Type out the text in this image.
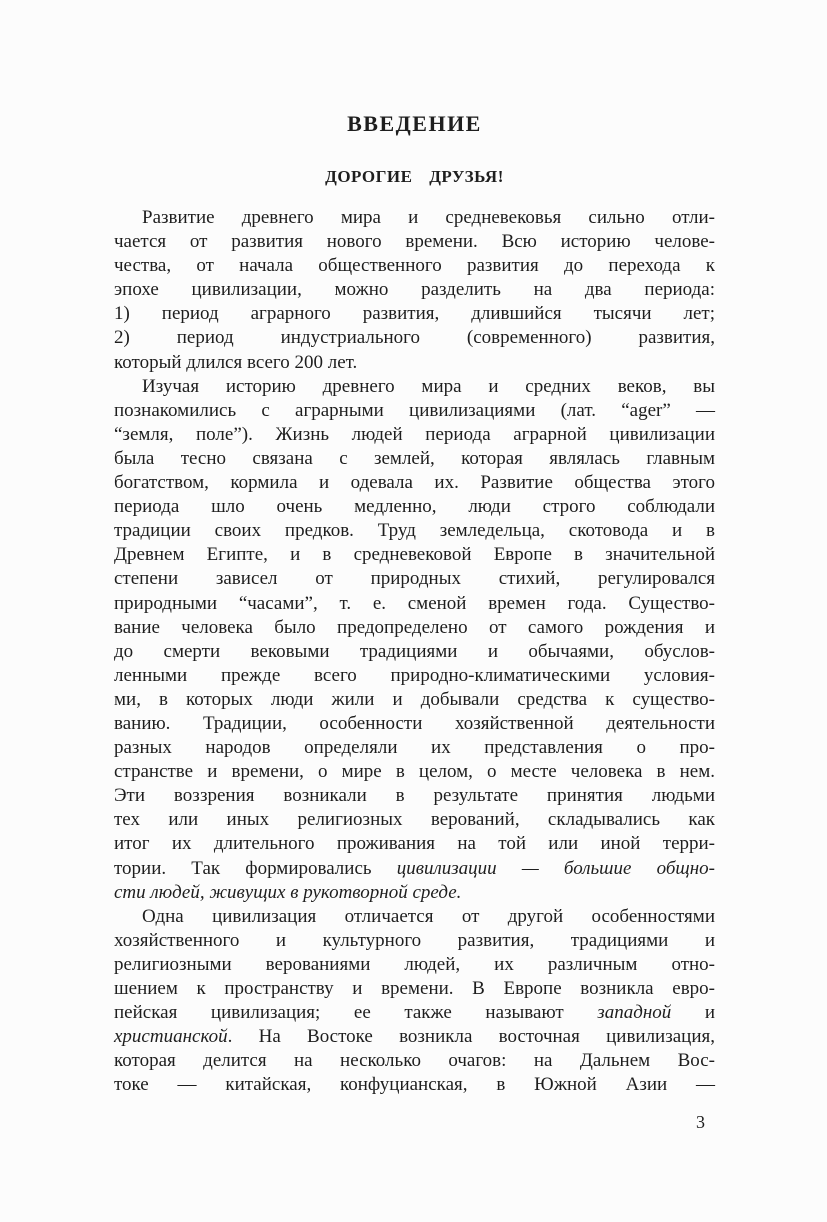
ВВЕДЕНИЕ
ДОРОГИЕ ДРУЗЬЯ!
Развитие древнего мира и средневековья сильно отли-
чается от развития нового времени. Всю историю челове-
чества, от начала общественного развития до перехода к
эпохе цивилизации, можно разделить на два периода:
1) период аграрного развития, длившийся тысячи лет;
2) период индустриального (современного) развития,
который длился всего 200 лет.
Изучая историю древнего мира и средних веков, вы
познакомились с аграрными цивилизациями (лат. “ager” —
“земля, поле”). Жизнь людей периода аграрной цивилизации
была тесно связана с землей, которая являлась главным
богатством, кормила и одевала их. Развитие общества этого
периода шло очень медленно, люди строго соблюдали
традиции своих предков. Труд земледельца, скотовода и в
Древнем Египте, и в средневековой Европе в значительной
степени зависел от природных стихий, регулировался
природными “часами”, т. е. сменой времен года. Существо-
вание человека было предопределено от самого рождения и
до смерти вековыми традициями и обычаями, обуслов-
ленными прежде всего природно-климатическими условия-
ми, в которых люди жили и добывали средства к существо-
ванию. Традиции, особенности хозяйственной деятельности
разных народов определяли их представления о про-
странстве и времени, о мире в целом, о месте человека в нем.
Эти воззрения возникали в результате принятия людьми
тех или иных религиозных верований, складывались как
итог их длительного проживания на той или иной терри-
тории. Так формировались цивилизации — большие общно-
сти людей, живущих в рукотворной среде.
Одна цивилизация отличается от другой особенностями
хозяйственного и культурного развития, традициями и
религиозными верованиями людей, их различным отно-
шением к пространству и времени. В Европе возникла евро-
пейская цивилизация; ее также называют западной и
христианской. На Востоке возникла восточная цивилизация,
которая делится на несколько очагов: на Дальнем Вос-
токе — китайская, конфуцианская, в Южной Азии —
3
